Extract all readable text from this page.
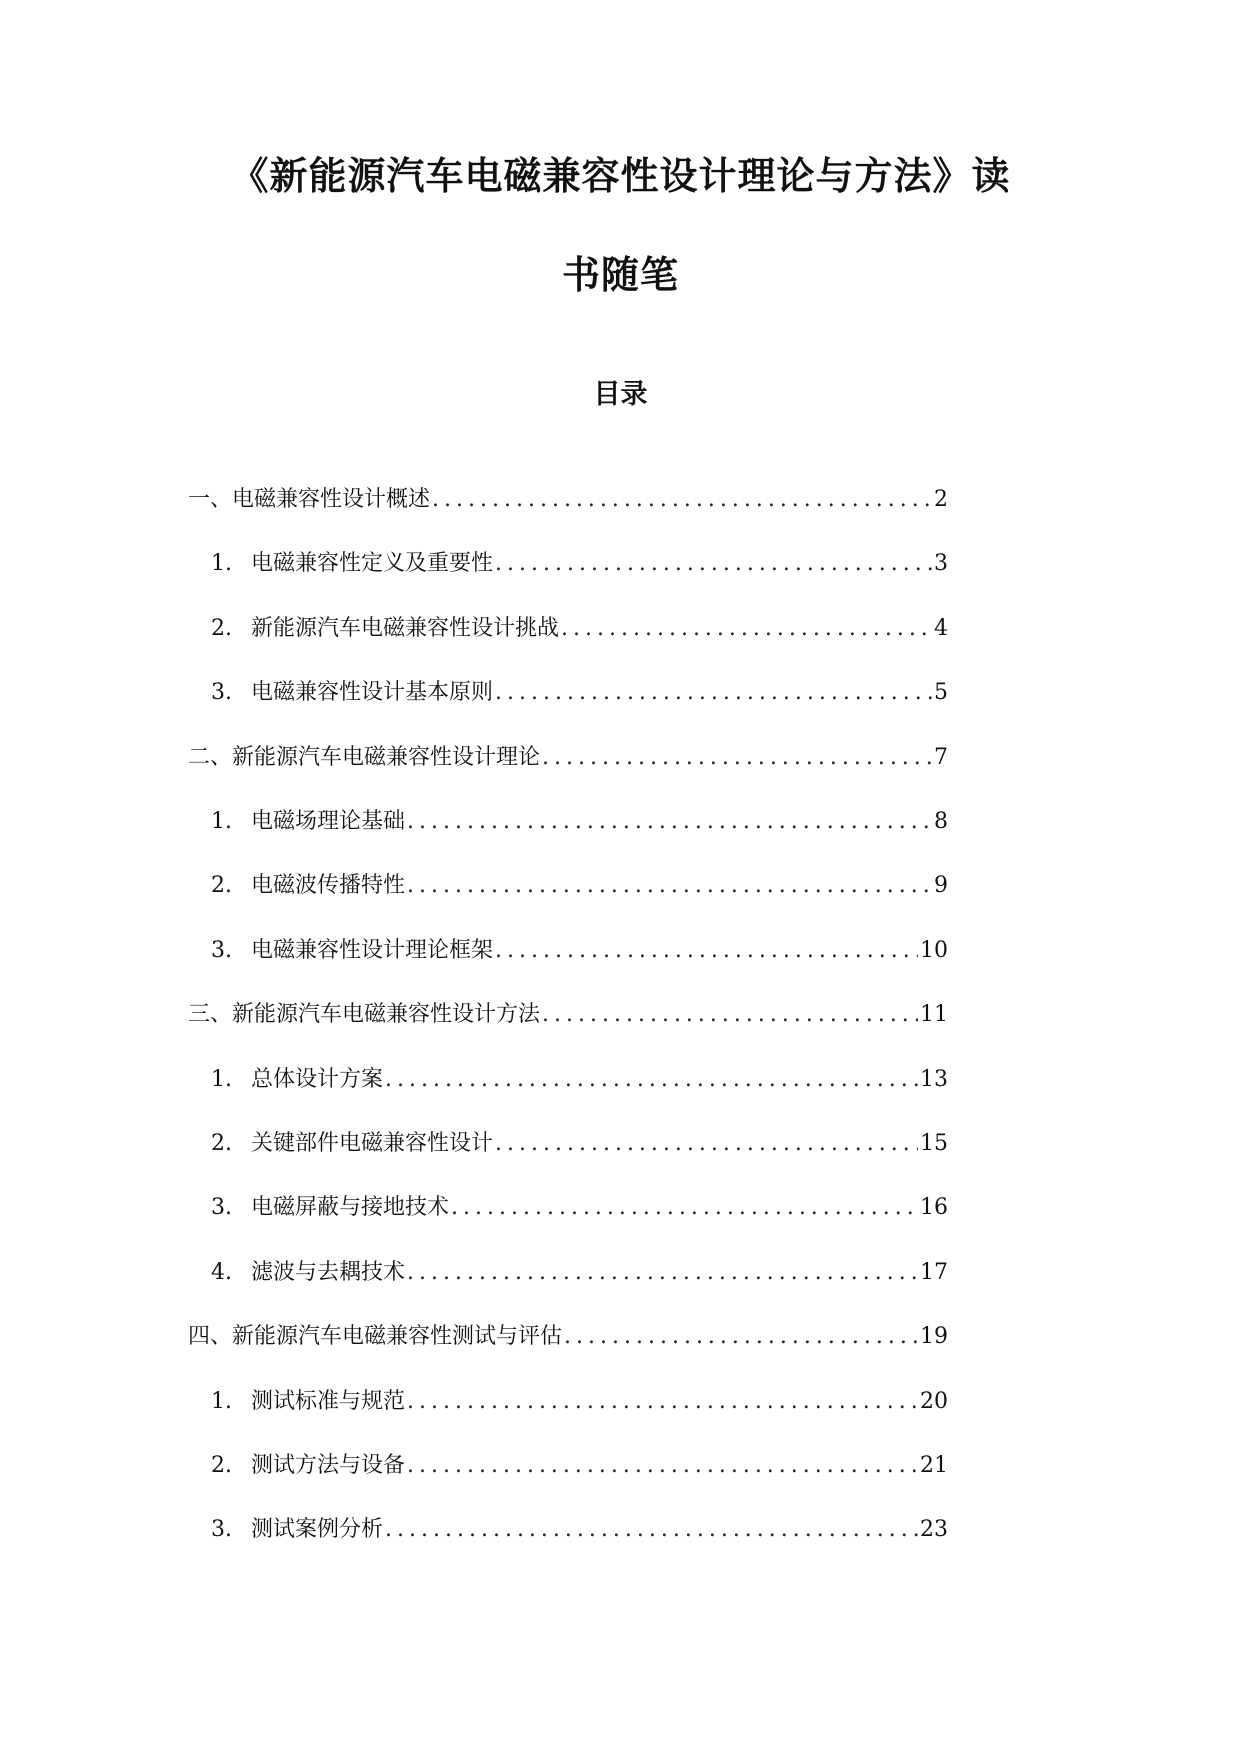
《新能源汽车电磁兼容性设计理论与方法》读
书随笔
目录
一、电磁兼容性设计概述 .....	2
1. 电磁兼容性定义及重要性 .....	3
2. 新能源汽车电磁兼容性设计挑战 .....	4
3. 电磁兼容性设计基本原则 .....	5
二、新能源汽车电磁兼容性设计理论 .....	7
1. 电磁场理论基础 .....	8
2. 电磁波传播特性 .....	9
3. 电磁兼容性设计理论框架 .....	10
三、新能源汽车电磁兼容性设计方法 .....	11
1. 总体设计方案 .....	13
2. 关键部件电磁兼容性设计 .....	15
3. 电磁屏蔽与接地技术 .....	16
4. 滤波与去耦技术 .....	17
四、新能源汽车电磁兼容性测试与评估 .....	19
1. 测试标准与规范 .....	20
2. 测试方法与设备 .....	21
3. 测试案例分析 .....	23
